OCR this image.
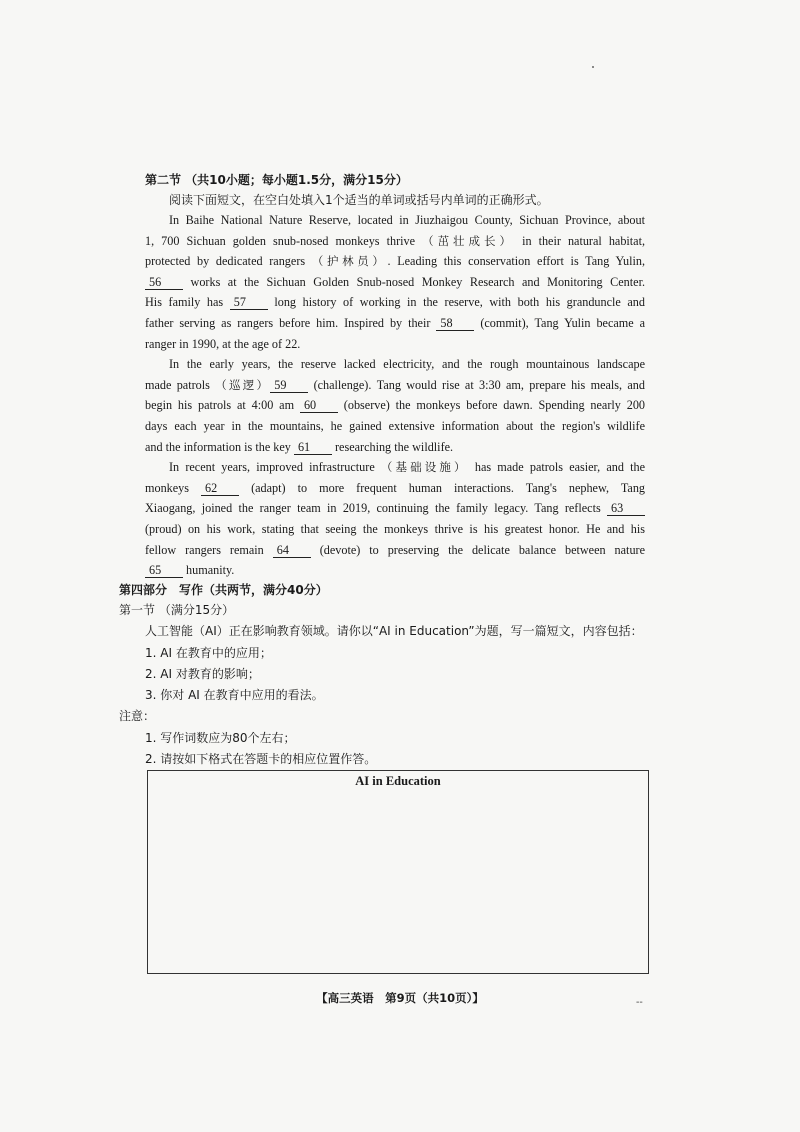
第二节 （共10小题；每小题1.5分，满分15分）
阅读下面短文，在空白处填入1个适当的单词或括号内单词的正确形式。

In Baihe National Nature Reserve, located in Jiuzhaigou County, Sichuan Province, about
1, 700 Sichuan golden snub-nosed monkeys thrive （茁壮成长） in their natural habitat,
protected by dedicated rangers （护林员）. Leading this conservation effort is Tang Yulin,
56 works at the Sichuan Golden Snub-nosed Monkey Research and Monitoring Center.
His family has 57 long history of working in the reserve, with both his granduncle and
father serving as rangers before him. Inspired by their 58 (commit), Tang Yulin became a
ranger in 1990, at the age of 22.

In the early years, the reserve lacked electricity, and the rough mountainous landscape
made patrols （巡逻） 59 (challenge). Tang would rise at 3:30 am, prepare his meals, and
begin his patrols at 4:00 am 60 (observe) the monkeys before dawn. Spending nearly 200
days each year in the mountains, he gained extensive information about the region's wildlife
and the information is the key 61 researching the wildlife.

In recent years, improved infrastructure （基础设施） has made patrols easier, and the
monkeys 62	(adapt) to more frequent human interactions. Tang's nephew, Tang
Xiaogang, joined the ranger team in 2019, continuing the family legacy. Tang reflects 63
(proud) on his work, stating that seeing the monkeys thrive is his greatest honor. He and his
fellow rangers remain 64	(devote) to preserving the delicate balance between nature
65 humanity.

第四部分　写作（共两节，满分40分）
第一节 （满分15分）
人工智能（AI）正在影响教育领域。请你以“AI in Education”为题，写一篇短文，内容包括：
1. AI 在教育中的应用；
2. AI 对教育的影响；
3. 你对 AI 在教育中应用的看法。
注意：
1. 写作词数应为80个左右；
2. 请按如下格式在答题卡的相应位置作答。
AI in Education
【高三英语　第9页（共10页）】	--
